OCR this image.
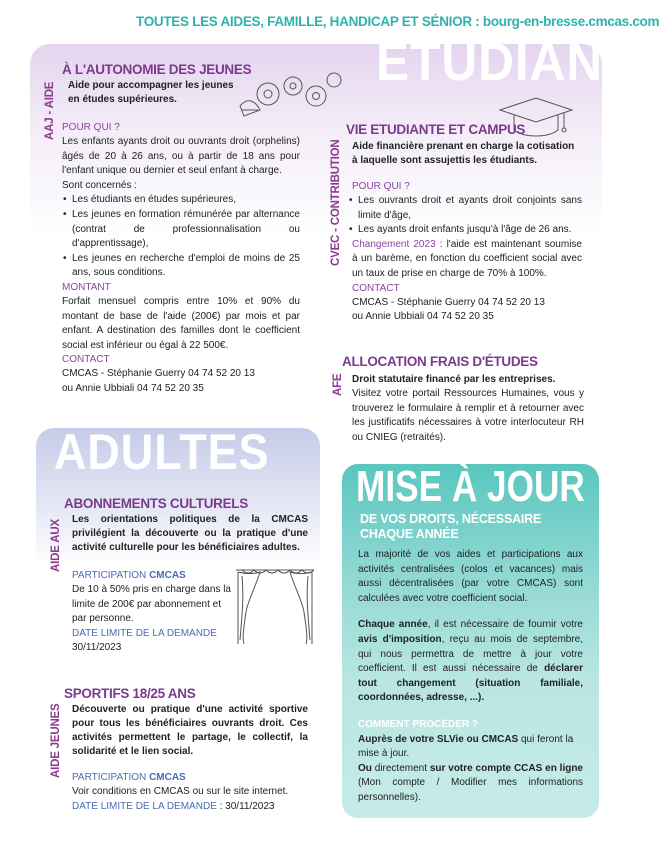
TOUTES LES AIDES, FAMILLE, HANDICAP ET SÉNIOR : bourg-en-bresse.cmcas.com
ETUDIANTS
AAJ - AIDE
À L'AUTONOMIE DES JEUNES
Aide pour accompagner les jeunes en études supérieures.
POUR QUI ?
Les enfants ayants droit ou ouvrants droit (orphelins) âgés de 20 à 26 ans, ou à partir de 18 ans pour l'enfant unique ou dernier et seul enfant à charge.
Sont concernés :
• Les étudiants en études supérieures,
• Les jeunes en formation rémunérée par alternance (contrat de professionnalisation ou d'apprentissage),
• Les jeunes en recherche d'emploi de moins de 25 ans, sous conditions.
MONTANT
Forfait mensuel compris entre 10% et 90% du montant de base de l'aide (200€) par mois et par enfant. A destination des familles dont le coefficient social est inférieur ou égal à 22 500€.
CONTACT
CMCAS - Stéphanie Guerry 04 74 52 20 13
ou Annie Ubbiali 04 74 52 20 35
CVEC - CONTRIBUTION
VIE ETUDIANTE ET CAMPUS
Aide financière prenant en charge la cotisation à laquelle sont assujettis les étudiants.
POUR QUI ?
• Les ouvrants droit et ayants droit conjoints sans limite d'âge,
• Les ayants droit enfants jusqu'à l'âge de 26 ans.
Changement 2023 : l'aide est maintenant soumise à un barème, en fonction du coefficient social avec un taux de prise en charge de 70% à 100%.
CONTACT
CMCAS - Stéphanie Guerry 04 74 52 20 13
ou Annie Ubbiali 04 74 52 20 35
AFE
ALLOCATION FRAIS D'ÉTUDES
Droit statutaire financé par les entreprises.
Visitez votre portail Ressources Humaines, vous y trouverez le formulaire à remplir et à retourner avec les justificatifs nécessaires à votre interlocuteur RH ou CNIEG (retraités).
ADULTES
AIDE AUX
ABONNEMENTS CULTURELS
Les orientations politiques de la CMCAS privilégient la découverte ou la pratique d'une activité culturelle pour les bénéficiaires adultes.
PARTICIPATION CMCAS
De 10 à 50% pris en charge dans la limite de 200€ par abonnement et par personne.
DATE LIMITE DE LA DEMANDE
30/11/2023
AIDE JEUNES
SPORTIFS 18/25 ANS
Découverte ou pratique d'une activité sportive pour tous les bénéficiaires ouvrants droit. Ces activités permettent le partage, le collectif, la solidarité et le lien social.
PARTICIPATION CMCAS
Voir conditions en CMCAS ou sur le site internet.
DATE LIMITE DE LA DEMANDE : 30/11/2023
MISE À JOUR
DE VOS DROITS, NÉCESSAIRE
CHAQUE ANNÉE
La majorité de vos aides et participations aux activités centralisées (colos et vacances) mais aussi décentralisées (par votre CMCAS) sont calculées avec votre coefficient social.
Chaque année, il est nécessaire de fournir votre avis d'imposition, reçu au mois de septembre, qui nous permettra de mettre à jour votre coefficient. Il est aussi nécessaire de déclarer tout changement (situation familiale, coordonnées, adresse, ...).
COMMENT PROCÉDER ?
Auprès de votre SLVie ou CMCAS qui feront la mise à jour.
Ou directement sur votre compte CCAS en ligne (Mon compte / Modifier mes informations personnelles).
